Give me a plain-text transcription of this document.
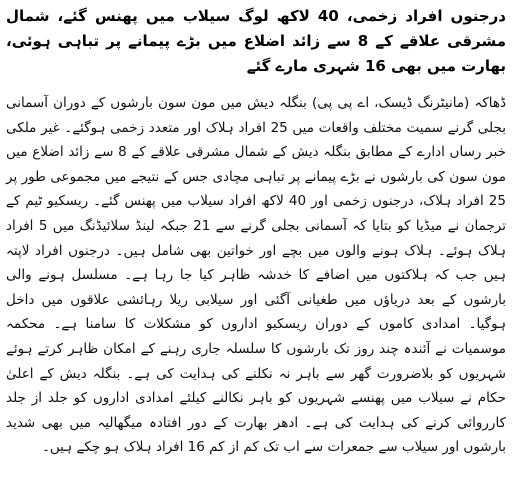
درجنوں افراد زخمی، 40 لاکھ لوگ سیلاب میں پھنس گئے، شمال مشرقی علاقے کے 8 سے زائد اضلاع میں بڑے پیمانے پر تباہی ہوئی، بھارت میں بھی 16 شہری مارے گئے

ڈھاکہ (مانیٹرنگ ڈیسک، اے پی پی) بنگلہ دیش میں مون سون بارشوں کے دوران آسمانی بجلی گرنے سمیت مختلف واقعات میں 25 افراد ہلاک اور متعدد زخمی ہوگئے۔ غیر ملکی خبر رساں ادارے کے مطابق بنگلہ دیش کے شمال مشرقی علاقے کے 8 سے زائد اضلاع میں مون سون کی بارشوں نے بڑے پیمانے پر تباہی مچادی جس کے نتیجے میں مجموعی طور پر 25 افراد ہلاک، درجنوں زخمی اور 40 لاکھ افراد سیلاب میں پھنس گئے۔ ریسکیو ٹیم کے ترجمان نے میڈیا کو بتایا کہ آسمانی بجلی گرنے سے 21 جبکہ لینڈ سلائیڈنگ میں 5 افراد ہلاک ہوئے۔ ہلاک ہونے والوں میں بچے اور خواتین بھی شامل ہیں۔ درجنوں افراد لاپتہ ہیں جب کہ ہلاکتوں میں اضافے کا خدشہ ظاہر کیا جا رہا ہے۔ مسلسل ہونے والی بارشوں کے بعد دریاؤں میں طغیانی آگئی اور سیلابی ریلا رہائشی علاقوں میں داخل ہوگیا۔ امدادی کاموں کے دوران ریسکیو اداروں کو مشکلات کا سامنا ہے۔ محکمہ موسمیات نے آئندہ چند روز تک بارشوں کا سلسلہ جاری رہنے کے امکان ظاہر کرتے ہوئے شہریوں کو بلاضرورت گھر سے باہر نہ نکلنے کی ہدایت کی ہے۔ بنگلہ دیش کے اعلیٰ حکام نے سیلاب میں پھنسے شہریوں کو باہر نکالنے کیلئے امدادی اداروں کو جلد از جلد کارروائی کرنے کی ہدایت کی ہے۔ ادھر بھارت کے دور افتادہ میگھالیہ میں بھی شدید بارشوں اور سیلاب سے جمعرات سے اب تک کم از کم 16 افراد ہلاک ہو چکے ہیں۔
